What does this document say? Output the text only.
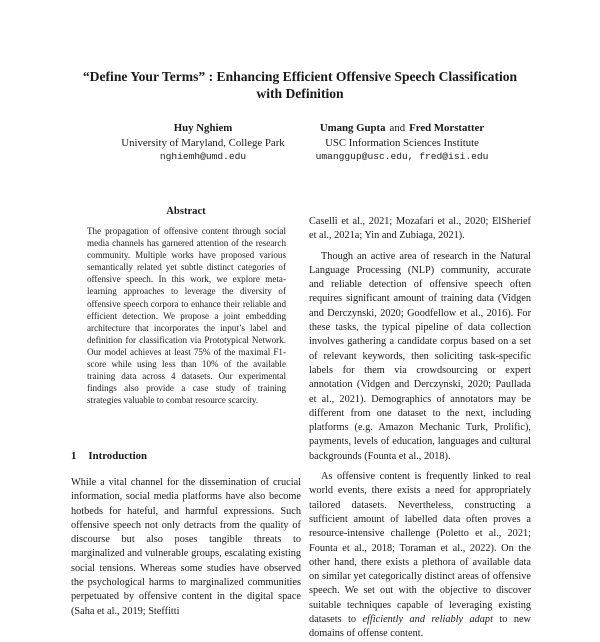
“Define Your Terms” : Enhancing Efficient Offensive Speech Classification
with Definition
Huy Nghiem
University of Maryland, College Park
nghiemh@umd.edu
Umang Gupta and Fred Morstatter
USC Information Sciences Institute
umanggup@usc.edu, fred@isi.edu
Abstract

The propagation of offensive content through social media channels has garnered attention of the research community. Multiple works have proposed various semantically related yet subtle distinct categories of offensive speech. In this work, we explore meta-learning approaches to leverage the diversity of offensive speech corpora to enhance their reliable and efficient detection. We propose a joint embedding architecture that incorporates the input’s label and definition for classification via Prototypical Network. Our model achieves at least 75% of the maximal F1-score while using less than 10% of the available training data across 4 datasets. Our experimental findings also provide a case study of training strategies valuable to combat resource scarcity.

1 Introduction

While a vital channel for the dissemination of crucial information, social media platforms have also become hotbeds for hateful, and harmful expressions. Such offensive speech not only detracts from the quality of discourse but also poses tangible threats to marginalized and vulnerable groups, escalating existing social tensions. Whereas some studies have observed the psychological harms to marginalized communities perpetuated by offensive content in the digital space (Saha et al., 2019; Steffitti

Caselli et al., 2021; Mozafari et al., 2020; ElSherief et al., 2021a; Yin and Zubiaga, 2021).

Though an active area of research in the Natural Language Processing (NLP) community, accurate and reliable detection of offensive speech often requires significant amount of training data (Vidgen and Derczynski, 2020; Goodfellow et al., 2016). For these tasks, the typical pipeline of data collection involves gathering a candidate corpus based on a set of relevant keywords, then soliciting task-specific labels for them via crowdsourcing or expert annotation (Vidgen and Derczynski, 2020; Paullada et al., 2021). Demographics of annotators may be different from one dataset to the next, including platforms (e.g. Amazon Mechanic Turk, Prolific), payments, levels of education, languages and cultural backgrounds (Founta et al., 2018).

As offensive content is frequently linked to real world events, there exists a need for appropriately tailored datasets. Nevertheless, constructing a sufficient amount of labelled data often proves a resource-intensive challenge (Poletto et al., 2021; Founta et al., 2018; Toraman et al., 2022). On the other hand, there exists a plethora of available data on similar yet categorically distinct areas of offensive speech. We set out with the objective to discover suitable techniques capable of leveraging existing datasets to efficiently and reliably adapt to new domains of offense content.
